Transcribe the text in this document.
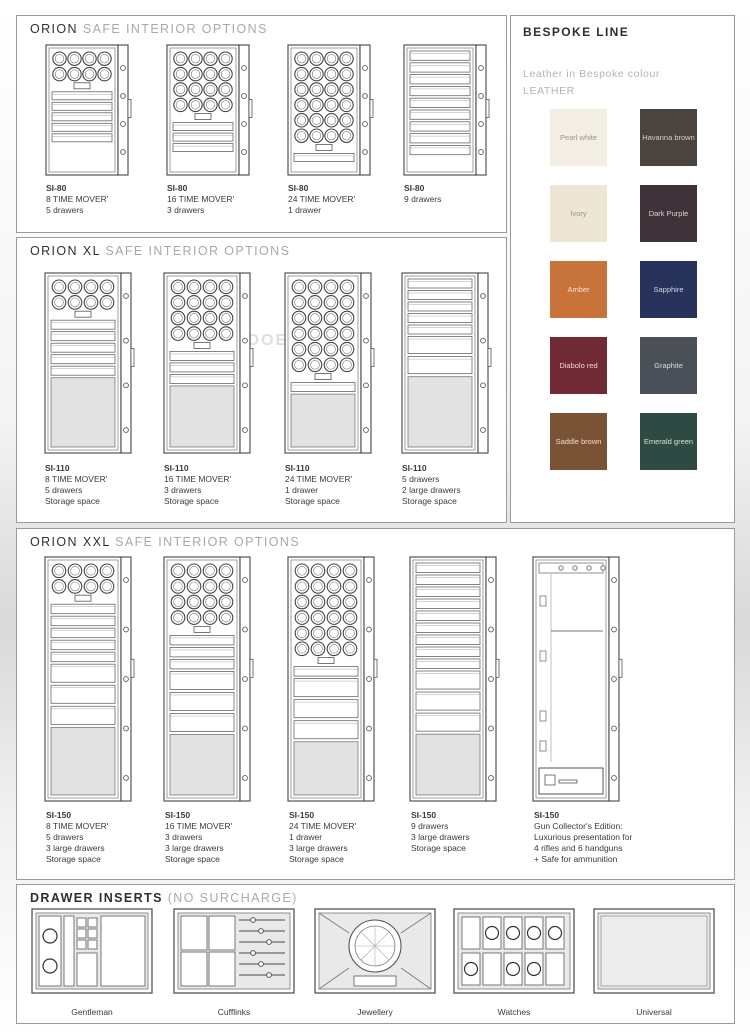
ORION SAFE INTERIOR OPTIONS
ORION XL SAFE INTERIOR OPTIONS
BESPOKE LINE
Leather in Bespoke colour
LEATHER
Pearl white	Havanna brown
Ivory	Dark Purple
Amber	Sapphire
Diabolo red	Graphite
Saddle brown	Emerald green
ORION XXL SAFE INTERIOR OPTIONS
DRAWER INSERTS (NO SURCHARGE)
SI-80
8 TIME MOVER'
5 drawers
SI-80
16 TIME MOVER'
3 drawers
SI-80
24 TIME MOVER'
1 drawer
SI-80
9 drawers
SI-110
8 TIME MOVER'
5 drawers
Storage space
SI-110
16 TIME MOVER'
3 drawers
Storage space
SI-110
24 TIME MOVER'
1 drawer
Storage space
SI-110
5 drawers
2 large drawers
Storage space
SI-150
8 TIME MOVER'
5 drawers
3 large drawers
Storage space
SI-150
16 TIME MOVER'
3 drawers
3 large drawers
Storage space
SI-150
24 TIME MOVER'
1 drawer
3 large drawers
Storage space
SI-150
9 drawers
3 large drawers
Storage space
SI-150
Gun Collector's Edition:
Luxurious presentation for
4 rifles and 6 handguns
+ Safe for ammunition
Gentleman	Cufflinks	Jewellery	Watches	Universal
